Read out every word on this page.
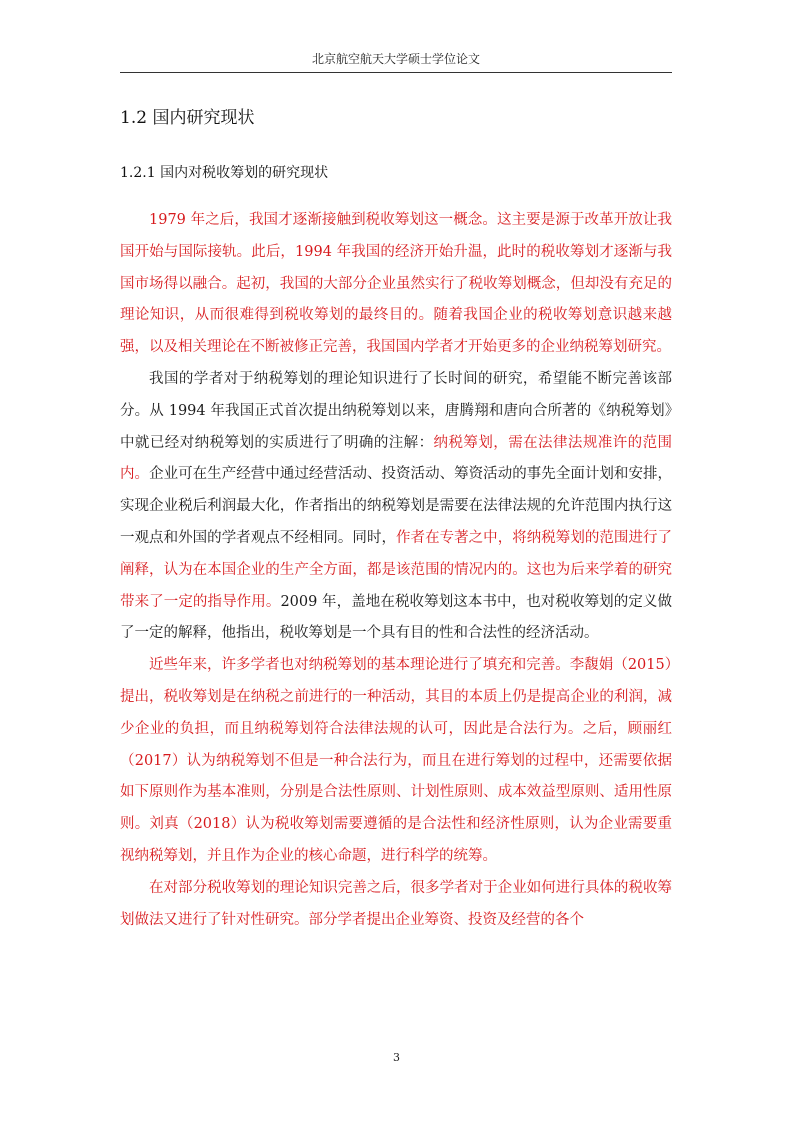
北京航空航天大学硕士学位论文
1.2 国内研究现状
1.2.1 国内对税收筹划的研究现状

1979 年之后，我国才逐渐接触到税收筹划这一概念。这主要是源于改革开放让我国开始与国际接轨。此后，1994 年我国的经济开始升温，此时的税收筹划才逐渐与我国市场得以融合。起初，我国的大部分企业虽然实行了税收筹划概念，但却没有充足的理论知识，从而很难得到税收筹划的最终目的。随着我国企业的税收筹划意识越来越强，以及相关理论在不断被修正完善，我国国内学者才开始更多的企业纳税筹划研究。

我国的学者对于纳税筹划的理论知识进行了长时间的研究，希望能不断完善该部分。从 1994 年我国正式首次提出纳税筹划以来，唐腾翔和唐向合所著的《纳税筹划》中就已经对纳税筹划的实质进行了明确的注解：纳税筹划，需在法律法规准许的范围内。企业可在生产经营中通过经营活动、投资活动、筹资活动的事先全面计划和安排，实现企业税后利润最大化，作者指出的纳税筹划是需要在法律法规的允许范围内执行这一观点和外国的学者观点不经相同。同时，作者在专著之中，将纳税筹划的范围进行了阐释，认为在本国企业的生产全方面，都是该范围的情况内的。这也为后来学着的研究带来了一定的指导作用。2009 年，盖地在税收筹划这本书中，也对税收筹划的定义做了一定的解释，他指出，税收筹划是一个具有目的性和合法性的经济活动。

近些年来，许多学者也对纳税筹划的基本理论进行了填充和完善。李馥娟（2015）提出，税收筹划是在纳税之前进行的一种活动，其目的本质上仍是提高企业的利润，减少企业的负担，而且纳税筹划符合法律法规的认可，因此是合法行为。之后，顾丽红（2017）认为纳税筹划不但是一种合法行为，而且在进行筹划的过程中，还需要依据如下原则作为基本准则，分别是合法性原则、计划性原则、成本效益型原则、适用性原则。刘真（2018）认为税收筹划需要遵循的是合法性和经济性原则，认为企业需要重视纳税筹划，并且作为企业的核心命题，进行科学的统筹。

在对部分税收筹划的理论知识完善之后，很多学者对于企业如何进行具体的税收筹划做法又进行了针对性研究。部分学者提出企业筹资、投资及经营的各个

3
